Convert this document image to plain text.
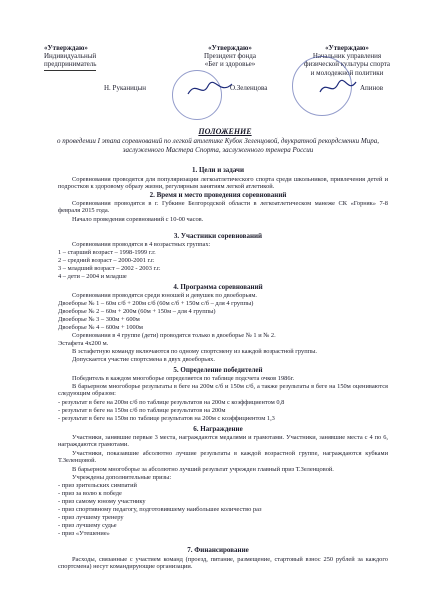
«Утверждаю»
Индивидуальный
предприниматель
Н. Руканицын
«Утверждаю»
Президент фонда
«Бег и здоровье»
О.Зеленцова
«Утверждаю»
Начальник управления
физической культуры спорта
и молодежной политики
Апинов
ПОЛОЖЕНИЕ
о проведении I этапа соревнований по легкой атлетике Кубок Зеленцовой, двукратной рекордсменки Мира, заслуженного Мастера Спорта, заслуженного тренера России
1. Цели и задачи
Соревнования проводятся для популяризации легкоатлетического спорта среди школьников, привлечения детей и подростков к здоровому образу жизни, регулярным занятиям легкой атлетикой.
2. Время и место проведения соревнований
Соревнования проводятся в г. Губкине Белгородской области в легкоатлетическом манеже СК «Горняк» 7-8 февраля 2015 года.
Начало проведения соревнований с 10-00 часов.
3. Участники соревнований
Соревнования проводятся в 4 возрастных группах:
1 – старший возраст – 1998-1999 г.г.
2 – средний возраст – 2000-2001 г.г.
3 – младший возраст – 2002 - 2003 г.г.
4 – дети – 2004 и младше
4. Программа соревнований
Соревнования проводятся среди юношей и девушек по двоеборьям.
Двоеборье № 1 – 60м с/б + 200м с/б (60м с/б + 150м с/б – для 4 группы)
Двоеборье № 2 – 60м + 200м (60м + 150м – для 4 группы)
Двоеборье № 3 – 300м + 600м
Двоеборье № 4 – 600м + 1000м
Соревнования в 4 группе (дети) проводятся только в двоеборье № 1 и № 2.
Эстафета 4х200 м.
В эстафетную команду включаются по одному спортсмену из каждой возрастной группы.
Допускается участие спортсмена в двух двоеборьях.
5. Определение победителей
Победитель в каждом многоборье определяется по таблице подсчета очков 1986г.
В барьерном многоборье результаты в беге на 200м с/б и 150м с/б, а также результаты в беге на 150м оцениваются следующим образом:
- результат в беге на 200м с/б по таблице результатов на 200м с коэффициентом 0,8
- результат в беге на 150м с/б по таблице результатов на 200м
- результат в беге на 150м по таблице результатов на 200м с коэффициентом 1,3
6. Награждение
Участники, занявшие первые 3 места, награждаются медалями и грамотами. Участники, занявшие места с 4 по 6, награждаются грамотами.
Участники, показавшие абсолютно лучшие результаты в каждой возрастной группе, награждаются кубками Т.Зеленцовой.
В барьерном многоборье за абсолютно лучший результат учрежден главный приз Т.Зеленцовой.
Учреждены дополнительные призы:
- приз зрительских симпатий
- приз за волю к победе
- приз самому юному участнику
- приз спортивному педагогу, подготовившему наибольшее количество раз
- приз лучшему тренеру
- приз лучшему судье
- приз «Утешение»
7. Финансирование
Расходы, связанные с участием команд (проезд, питание, размещение, стартовый взнос 250 рублей за каждого спортсмена) несут командирующие организации.
